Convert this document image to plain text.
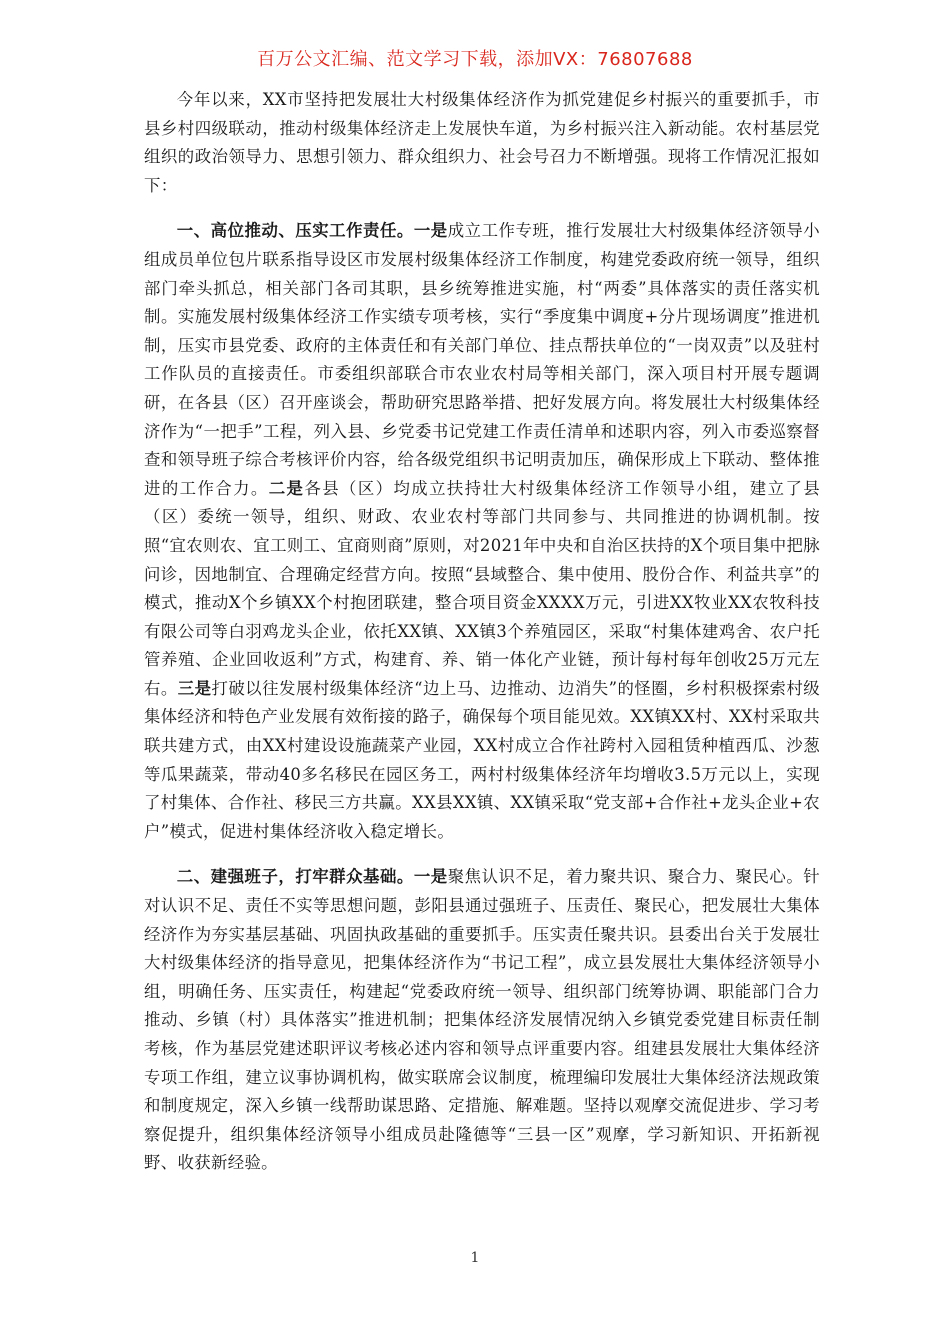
百万公文汇编、范文学习下载，添加VX：76807688

今年以来，XX市坚持把发展壮大村级集体经济作为抓党建促乡村振兴的重要抓手，市县乡村四级联动，推动村级集体经济走上发展快车道，为乡村振兴注入新动能。农村基层党组织的政治领导力、思想引领力、群众组织力、社会号召力不断增强。现将工作情况汇报如下：

一、高位推动、压实工作责任。一是成立工作专班，推行发展壮大村级集体经济领导小组成员单位包片联系指导设区市发展村级集体经济工作制度，构建党委政府统一领导，组织部门牵头抓总，相关部门各司其职，县乡统筹推进实施，村“两委”具体落实的责任落实机制。实施发展村级集体经济工作实绩专项考核，实行“季度集中调度+分片现场调度”推进机制，压实市县党委、政府的主体责任和有关部门单位、挂点帮扶单位的“一岗双责”以及驻村工作队员的直接责任。市委组织部联合市农业农村局等相关部门，深入项目村开展专题调研，在各县（区）召开座谈会，帮助研究思路举措、把好发展方向。将发展壮大村级集体经济作为“一把手”工程，列入县、乡党委书记党建工作责任清单和述职内容，列入市委巡察督查和领导班子综合考核评价内容，给各级党组织书记明责加压，确保形成上下联动、整体推进的工作合力。二是各县（区）均成立扶持壮大村级集体经济工作领导小组，建立了县（区）委统一领导，组织、财政、农业农村等部门共同参与、共同推进的协调机制。按照“宜农则农、宜工则工、宜商则商”原则，对2021年中央和自治区扶持的X个项目集中把脉问诊，因地制宜、合理确定经营方向。按照“县域整合、集中使用、股份合作、利益共享”的模式，推动X个乡镇XX个村抱团联建，整合项目资金XXXX万元，引进XX牧业XX农牧科技有限公司等白羽鸡龙头企业，依托XX镇、XX镇3个养殖园区，采取“村集体建鸡舍、农户托管养殖、企业回收返利”方式，构建育、养、销一体化产业链，预计每村每年创收25万元左右。三是打破以往发展村级集体经济“边上马、边推动、边消失”的怪圈，乡村积极探索村级集体经济和特色产业发展有效衔接的路子，确保每个项目能见效。XX镇XX村、XX村采取共联共建方式，由XX村建设设施蔬菜产业园，XX村成立合作社跨村入园租赁种植西瓜、沙葱等瓜果蔬菜，带动40多名移民在园区务工，两村村级集体经济年均增收3.5万元以上，实现了村集体、合作社、移民三方共赢。XX县XX镇、XX镇采取“党支部+合作社+龙头企业+农户”模式，促进村集体经济收入稳定增长。

二、建强班子，打牢群众基础。一是聚焦认识不足，着力聚共识、聚合力、聚民心。针对认识不足、责任不实等思想问题，彭阳县通过强班子、压责任、聚民心，把发展壮大集体经济作为夯实基层基础、巩固执政基础的重要抓手。压实责任聚共识。县委出台关于发展壮大村级集体经济的指导意见，把集体经济作为“书记工程”，成立县发展壮大集体经济领导小组，明确任务、压实责任，构建起“党委政府统一领导、组织部门统筹协调、职能部门合力推动、乡镇（村）具体落实”推进机制；把集体经济发展情况纳入乡镇党委党建目标责任制考核，作为基层党建述职评议考核必述内容和领导点评重要内容。组建县发展壮大集体经济专项工作组，建立议事协调机构，做实联席会议制度，梳理编印发展壮大集体经济法规政策和制度规定，深入乡镇一线帮助谋思路、定措施、解难题。坚持以观摩交流促进步、学习考察促提升，组织集体经济领导小组成员赴隆德等“三县一区”观摩，学习新知识、开拓新视野、收获新经验。

1
